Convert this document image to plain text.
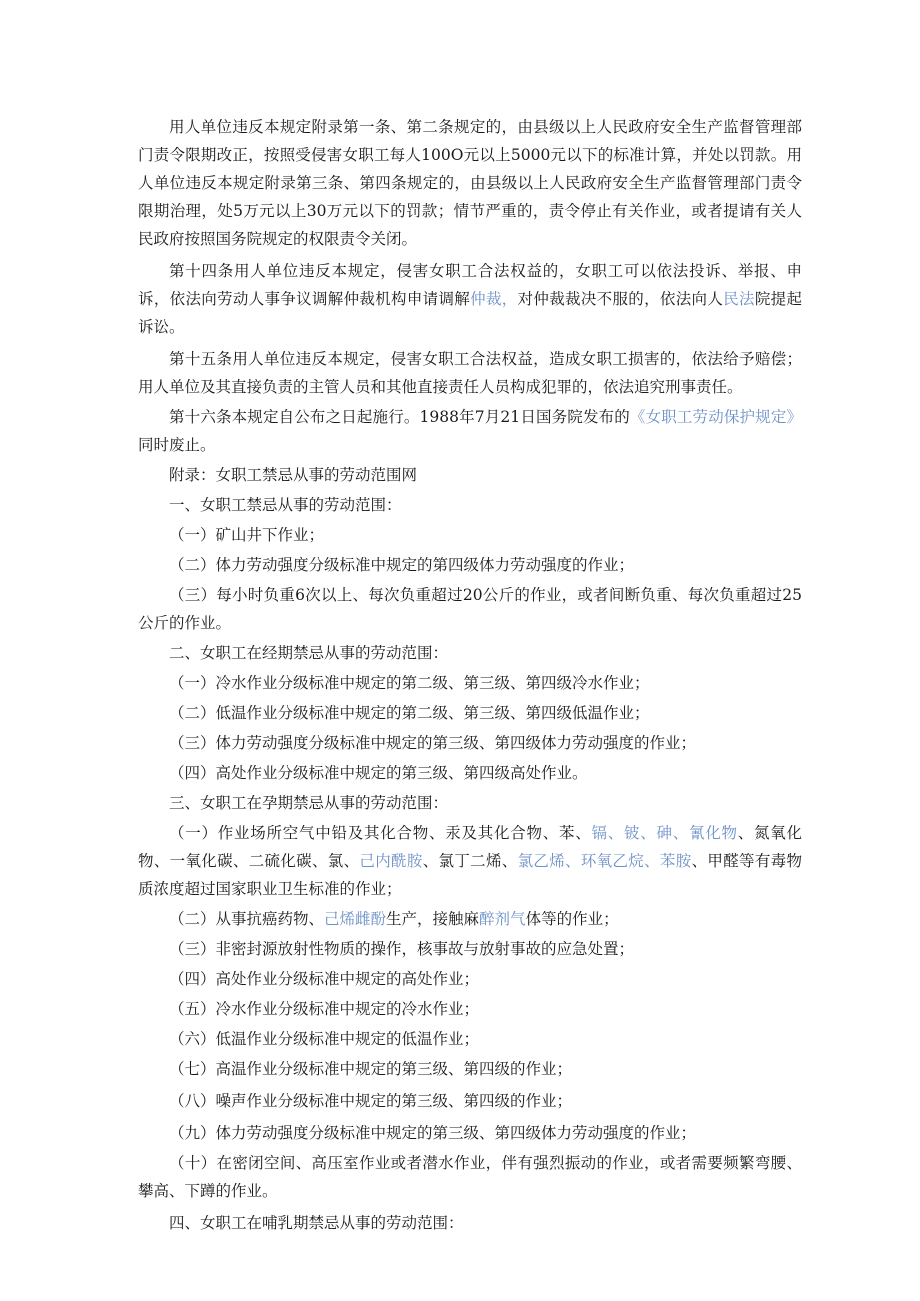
用人单位违反本规定附录第一条、第二条规定的，由县级以上人民政府安全生产监督管理部门责令限期改正，按照受侵害女职工每人100O元以上5000元以下的标准计算，并处以罚款。用人单位违反本规定附录第三条、第四条规定的，由县级以上人民政府安全生产监督管理部门责令限期治理，处5万元以上30万元以下的罚款；情节严重的，责令停止有关作业，或者提请有关人民政府按照国务院规定的权限责令关闭。

第十四条用人单位违反本规定，侵害女职工合法权益的，女职工可以依法投诉、举报、申诉，依法向劳动人事争议调解仲裁机构申请调解仲裁，对仲裁裁决不服的，依法向人民法院提起诉讼。

第十五条用人单位违反本规定，侵害女职工合法权益，造成女职工损害的，依法给予赔偿；用人单位及其直接负责的主管人员和其他直接责任人员构成犯罪的，依法追究刑事责任。

第十六条本规定自公布之日起施行。1988年7月21日国务院发布的《女职工劳动保护规定》同时废止。

附录：女职工禁忌从事的劳动范围网

一、女职工禁忌从事的劳动范围：

（一）矿山井下作业；

（二）体力劳动强度分级标准中规定的第四级体力劳动强度的作业；

（三）每小时负重6次以上、每次负重超过20公斤的作业，或者间断负重、每次负重超过25公斤的作业。

二、女职工在经期禁忌从事的劳动范围：

（一）冷水作业分级标准中规定的第二级、第三级、第四级冷水作业；

（二）低温作业分级标准中规定的第二级、第三级、第四级低温作业；

（三）体力劳动强度分级标准中规定的第三级、第四级体力劳动强度的作业；

（四）高处作业分级标准中规定的第三级、第四级高处作业。

三、女职工在孕期禁忌从事的劳动范围：

（一）作业场所空气中铅及其化合物、汞及其化合物、苯、镉、铍、砷、氰化物、氮氧化物、一氧化碳、二硫化碳、氯、己内酰胺、氯丁二烯、氯乙烯、环氧乙烷、苯胺、甲醛等有毒物质浓度超过国家职业卫生标准的作业；

（二）从事抗癌药物、己烯雌酚生产，接触麻醉剂气体等的作业；

（三）非密封源放射性物质的操作，核事故与放射事故的应急处置；

（四）高处作业分级标准中规定的高处作业；

（五）冷水作业分级标准中规定的冷水作业；

（六）低温作业分级标准中规定的低温作业；

（七）高温作业分级标准中规定的第三级、第四级的作业；

（八）噪声作业分级标准中规定的第三级、第四级的作业；

（九）体力劳动强度分级标准中规定的第三级、第四级体力劳动强度的作业；

（十）在密闭空间、高压室作业或者潜水作业，伴有强烈振动的作业，或者需要频繁弯腰、攀高、下蹲的作业。

四、女职工在哺乳期禁忌从事的劳动范围：
